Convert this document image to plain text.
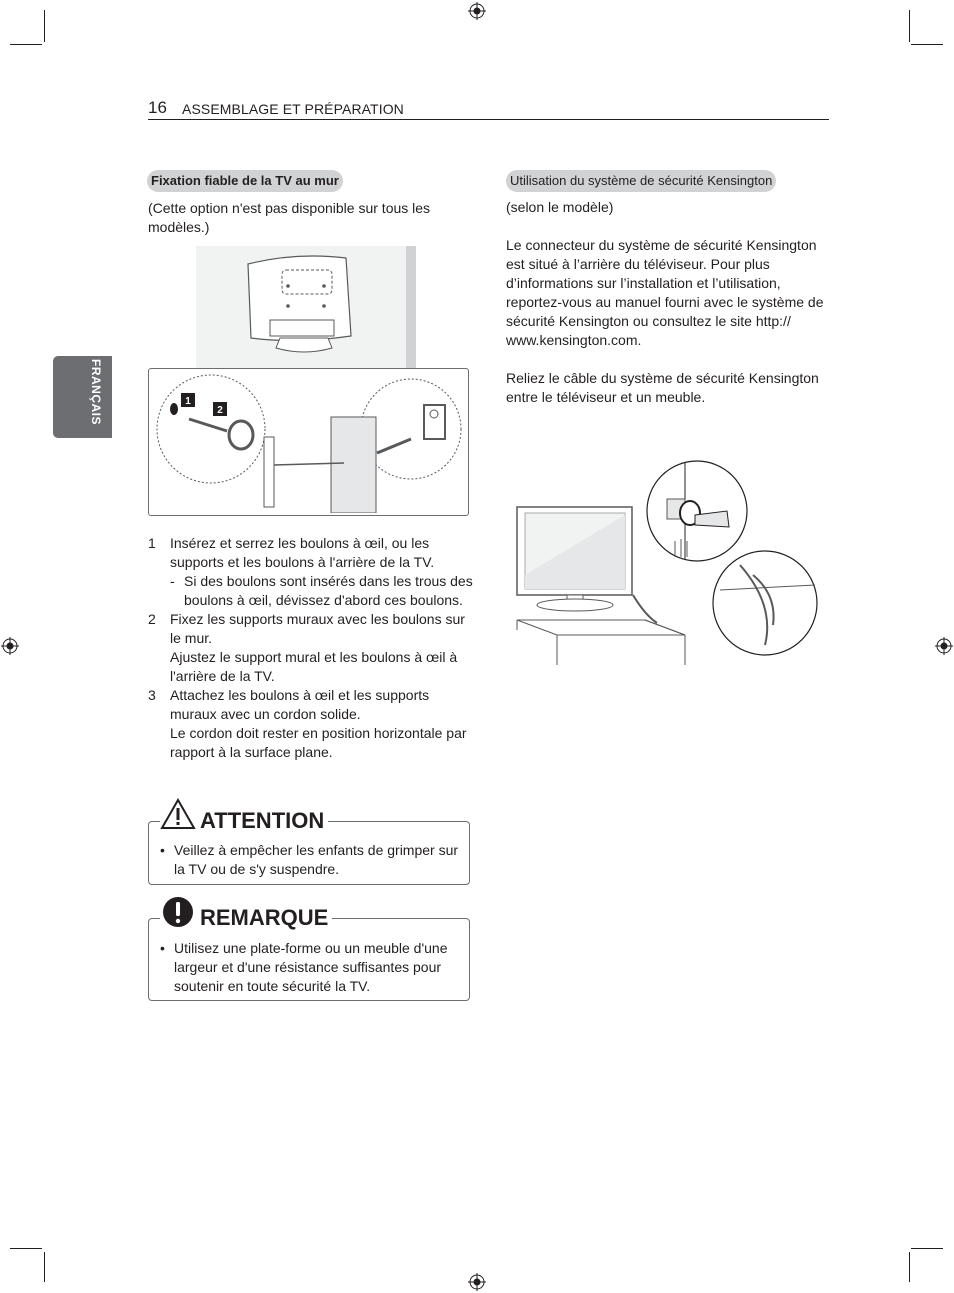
16 ASSEMBLAGE ET PRÉPARATION
FRANÇAIS
Fixation fiable de la TV au mur
(Cette option n'est pas disponible sur tous les modèles.)
1
2
1 Insérez et serrez les boulons à œil, ou les supports et les boulons à l'arrière de la TV.
- Si des boulons sont insérés dans les trous des boulons à œil, dévissez d'abord ces boulons.
2 Fixez les supports muraux avec les boulons sur le mur.
Ajustez le support mural et les boulons à œil à l'arrière de la TV.
3 Attachez les boulons à œil et les supports muraux avec un cordon solide.
Le cordon doit rester en position horizontale par rapport à la surface plane.
ATTENTION
• Veillez à empêcher les enfants de grimper sur la TV ou de s'y suspendre.
REMARQUE
• Utilisez une plate-forme ou un meuble d'une largeur et d'une résistance suffisantes pour soutenir en toute sécurité la TV.
Utilisation du système de sécurité Kensington
(selon le modèle)
Le connecteur du système de sécurité Kensington est situé à l’arrière du téléviseur. Pour plus d’informations sur l’installation et l’utilisation, reportez-vous au manuel fourni avec le système de sécurité Kensington ou consultez le site http:// www.kensington.com.
Reliez le câble du système de sécurité Kensington entre le téléviseur et un meuble.
